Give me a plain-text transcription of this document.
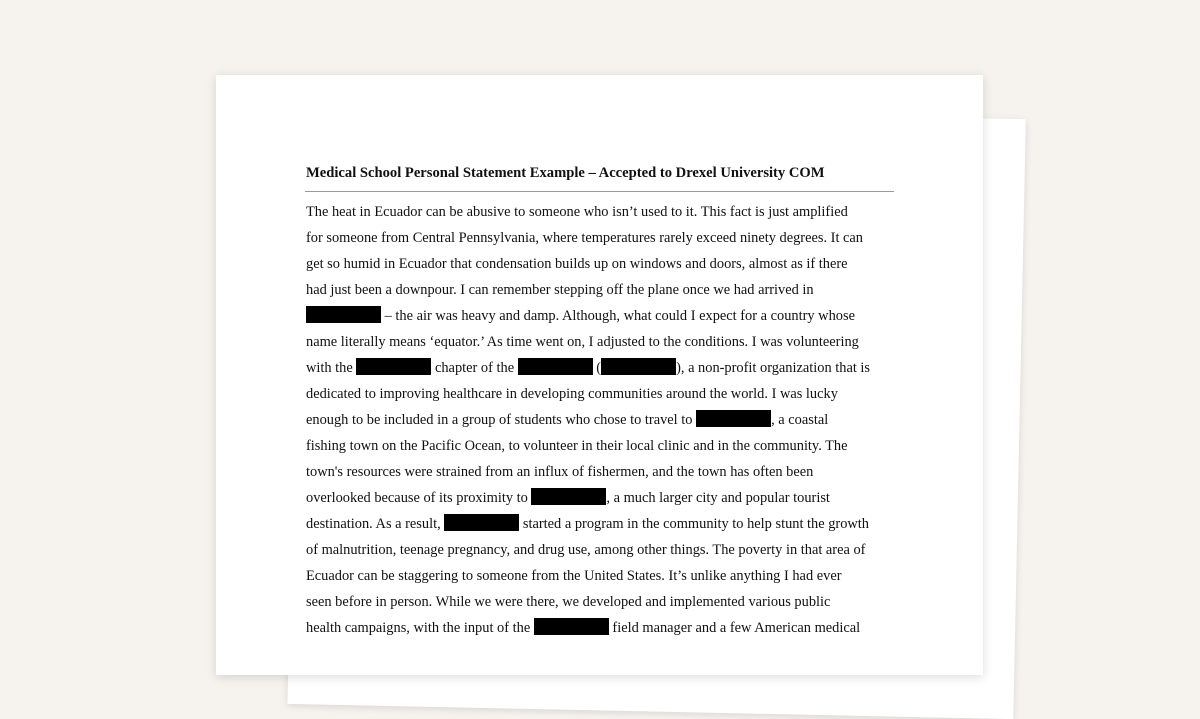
Medical School Personal Statement Example – Accepted to Drexel University COM
The heat in Ecuador can be abusive to someone who isn’t used to it. This fact is just amplified
for someone from Central Pennsylvania, where temperatures rarely exceed ninety degrees. It can
get so humid in Ecuador that condensation builds up on windows and doors, almost as if there
had just been a downpour. I can remember stepping off the plane once we had arrived in
– the air was heavy and damp. Although, what could I expect for a country whose
name literally means ‘equator.’ As time went on, I adjusted to the conditions. I was volunteering
with the	chapter of the	(	), a non-profit organization that is
dedicated to improving healthcare in developing communities around the world. I was lucky
enough to be included in a group of students who chose to travel to	, a coastal
fishing town on the Pacific Ocean, to volunteer in their local clinic and in the community. The
town's resources were strained from an influx of fishermen, and the town has often been
overlooked because of its proximity to	, a much larger city and popular tourist
destination. As a result,	started a program in the community to help stunt the growth
of malnutrition, teenage pregnancy, and drug use, among other things. The poverty in that area of
Ecuador can be staggering to someone from the United States. It’s unlike anything I had ever
seen before in person. While we were there, we developed and implemented various public
health campaigns, with the input of the	field manager and a few American medical
